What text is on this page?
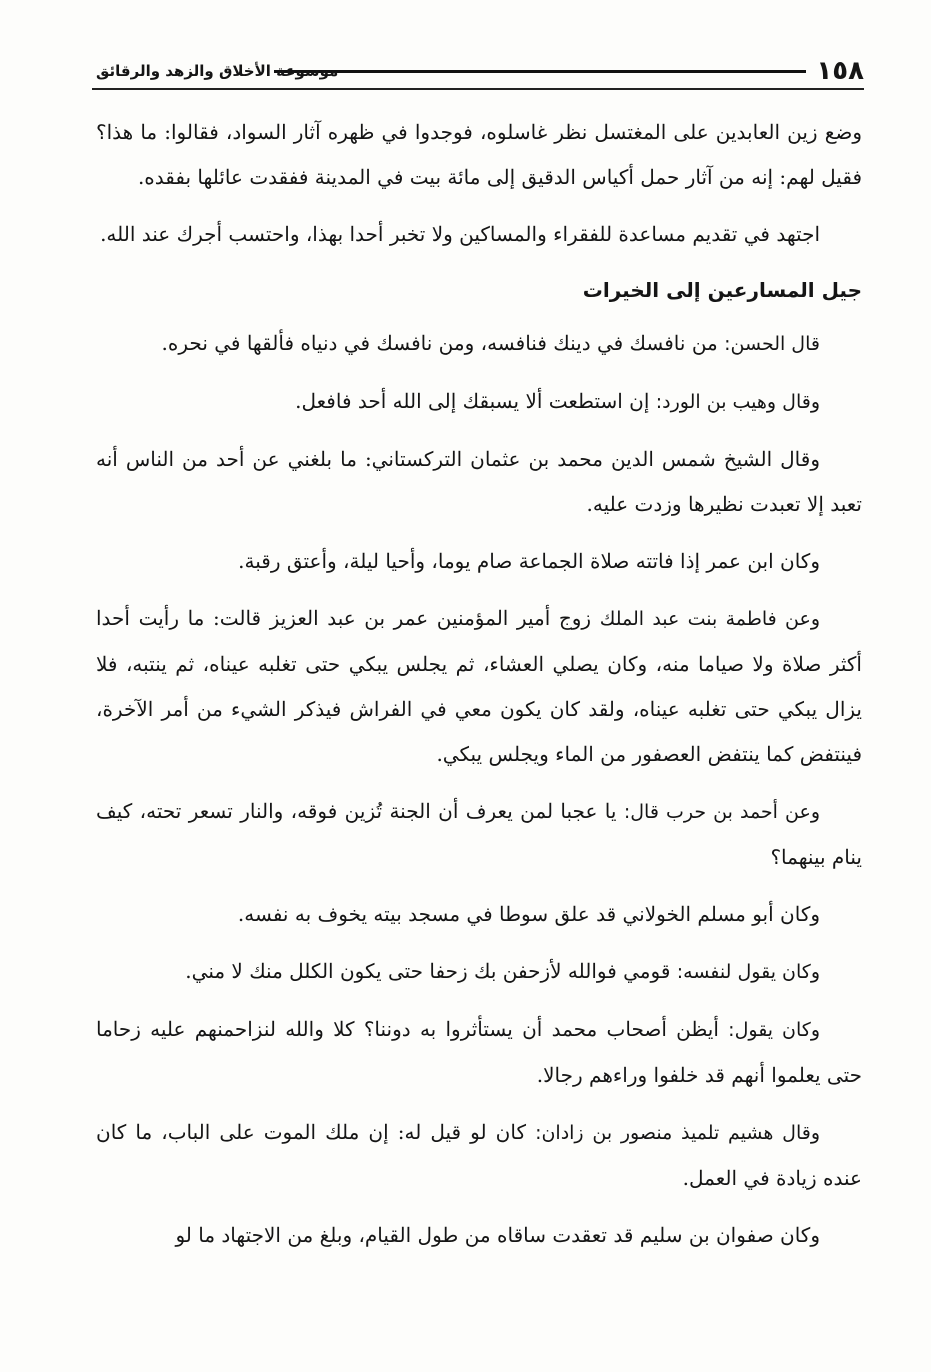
١٥٨
موسوعة الأخلاق والزهد والرقائق

وضع زين العابدين على المغتسل نظر غاسلوه، فوجدوا في ظهره آثار السواد، فقالوا: ما هذا؟ فقيل لهم: إنه من آثار حمل أكياس الدقيق إلى مائة بيت في المدينة ففقدت عائلها بفقده.

اجتهد في تقديم مساعدة للفقراء والمساكين ولا تخبر أحدا بهذا، واحتسب أجرك عند الله.

جيل المسارعين إلى الخيرات

قال الحسن: من نافسك في دينك فنافسه، ومن نافسك في دنياه فألقها في نحره.

وقال وهيب بن الورد: إن استطعت ألا يسبقك إلى الله أحد فافعل.

وقال الشيخ شمس الدين محمد بن عثمان التركستاني: ما بلغني عن أحد من الناس أنه تعبد إلا تعبدت نظيرها وزدت عليه.

وكان ابن عمر إذا فاتته صلاة الجماعة صام يوما، وأحيا ليلة، وأعتق رقبة.

وعن فاطمة بنت عبد الملك زوج أمير المؤمنين عمر بن عبد العزيز قالت: ما رأيت أحدا أكثر صلاة ولا صياما منه، وكان يصلي العشاء، ثم يجلس يبكي حتى تغلبه عيناه، ثم ينتبه، فلا يزال يبكي حتى تغلبه عيناه، ولقد كان يكون معي في الفراش فيذكر الشيء من أمر الآخرة، فينتفض كما ينتفض العصفور من الماء ويجلس يبكي.

وعن أحمد بن حرب قال: يا عجبا لمن يعرف أن الجنة تُزين فوقه، والنار تسعر تحته، كيف ينام بينهما؟

وكان أبو مسلم الخولاني قد علق سوطا في مسجد بيته يخوف به نفسه.

وكان يقول لنفسه: قومي فوالله لأزحفن بك زحفا حتى يكون الكلل منك لا مني.

وكان يقول: أيظن أصحاب محمد أن يستأثروا به دوننا؟ كلا والله لنزاحمنهم عليه زحاما حتى يعلموا أنهم قد خلفوا وراءهم رجالا.

وقال هشيم تلميذ منصور بن زادان: كان لو قيل له: إن ملك الموت على الباب، ما كان عنده زيادة في العمل.

وكان صفوان بن سليم قد تعقدت ساقاه من طول القيام، وبلغ من الاجتهاد ما لو
